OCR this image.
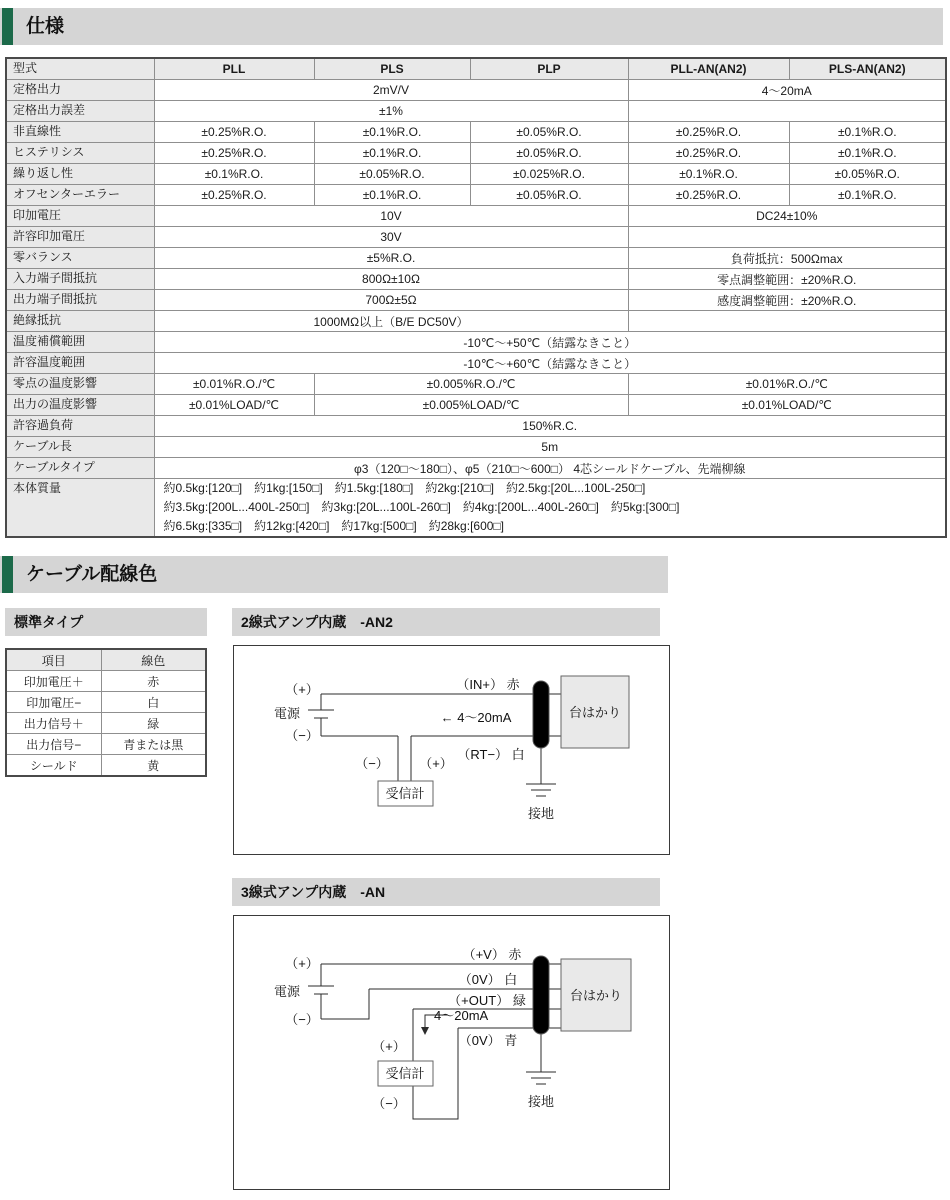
仕様
型式	PLL	PLS	PLP	PLL-AN(AN2)	PLS-AN(AN2)
定格出力	2mV/V			4～20mA	
定格出力誤差	±1%				
非直線性	±0.25%R.O.	±0.1%R.O.	±0.05%R.O.	±0.25%R.O.	±0.1%R.O.
ヒステリシス	±0.25%R.O.	±0.1%R.O.	±0.05%R.O.	±0.25%R.O.	±0.1%R.O.
繰り返し性	±0.1%R.O.	±0.05%R.O.	±0.025%R.O.	±0.1%R.O.	±0.05%R.O.
オフセンターエラー	±0.25%R.O.	±0.1%R.O.	±0.05%R.O.	±0.25%R.O.	±0.1%R.O.
印加電圧	10V			DC24±10%	
許容印加電圧	30V				
零バランス	±5%R.O.			負荷抵抗：500Ωmax	
入力端子間抵抗	800Ω±10Ω			零点調整範囲：±20%R.O.	
出力端子間抵抗	700Ω±5Ω			感度調整範囲：±20%R.O.	
絶縁抵抗	1000MΩ以上（B/E DC50V）				
温度補償範囲	-10℃～+50℃（結露なきこと）				
許容温度範囲	-10℃～+60℃（結露なきこと）				
零点の温度影響	±0.01%R.O./℃	±0.005%R.O./℃		±0.01%R.O./℃	
出力の温度影響	±0.01%LOAD/℃	±0.005%LOAD/℃		±0.01%LOAD/℃	
許容過負荷	150%R.C.				
ケーブル長	5m				
ケーブルタイプ	φ3（120□～180□）、φ5（210□～600□） 4芯シールドケーブル、先端柳線				
本体質量	約0.5kg:[120□]　約1kg:[150□]　約1.5kg:[180□]　約2kg:[210□]　約2.5kg:[20L...100L-250□]
約3.5kg:[200L...400L-250□]　約3kg:[20L...100L-260□]　約4kg:[200L...400L-260□]　約5kg:[300□]
約6.5kg:[335□]　約12kg:[420□]　約17kg:[500□]　約28kg:[600□]				
ケーブル配線色
標準タイプ	2線式アンプ内蔵　-AN2
3線式アンプ内蔵　-AN
項目	線色
印加電圧＋	赤
印加電圧−	白
出力信号＋	緑
出力信号−	青または黒
シールド	黄
（+）
電源
（−）
（IN+） 赤
← 4～20mA
（RT−） 白
（−） （+）
受信計
台はかり
接地
（+）
電源
（−）
（+V） 赤
（0V） 白
（+OUT） 緑
4～20mA
（0V） 青
（+）
受信計
（−）
台はかり
接地
